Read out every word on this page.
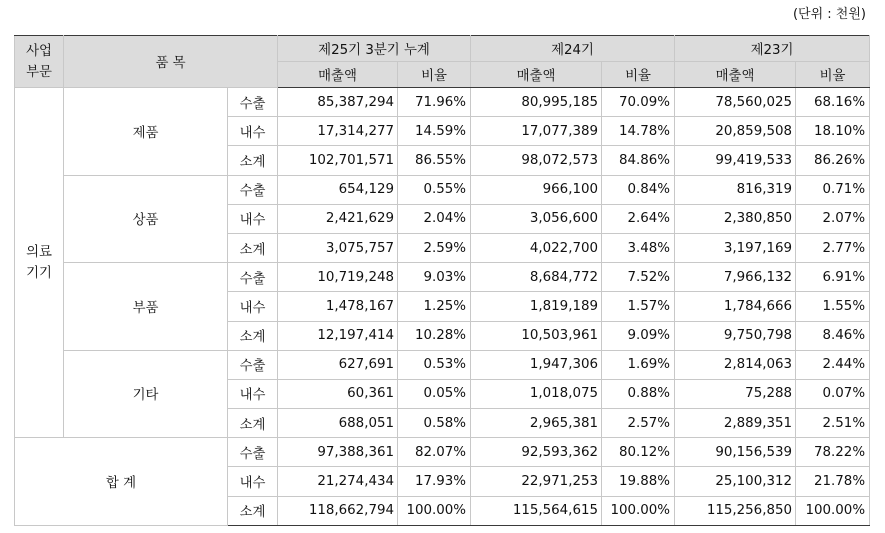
(단위 : 천원)
사업
부문	품 목		제25기 3분기 누계		제24기		제23기	
			매출액	비율	매출액	비율	매출액	비율
의료
기기	제품	수출	85,387,294	71.96%	80,995,185	70.09%	78,560,025	68.16%
		내수	17,314,277	14.59%	17,077,389	14.78%	20,859,508	18.10%
		소계	102,701,571	86.55%	98,072,573	84.86%	99,419,533	86.26%
	상품	수출	654,129	0.55%	966,100	0.84%	816,319	0.71%
		내수	2,421,629	2.04%	3,056,600	2.64%	2,380,850	2.07%
		소계	3,075,757	2.59%	4,022,700	3.48%	3,197,169	2.77%
	부품	수출	10,719,248	9.03%	8,684,772	7.52%	7,966,132	6.91%
		내수	1,478,167	1.25%	1,819,189	1.57%	1,784,666	1.55%
		소계	12,197,414	10.28%	10,503,961	9.09%	9,750,798	8.46%
	기타	수출	627,691	0.53%	1,947,306	1.69%	2,814,063	2.44%
		내수	60,361	0.05%	1,018,075	0.88%	75,288	0.07%
		소계	688,051	0.58%	2,965,381	2.57%	2,889,351	2.51%
합 계		수출	97,388,361	82.07%	92,593,362	80.12%	90,156,539	78.22%
		내수	21,274,434	17.93%	22,971,253	19.88%	25,100,312	21.78%
		소계	118,662,794	100.00%	115,564,615	100.00%	115,256,850	100.00%
